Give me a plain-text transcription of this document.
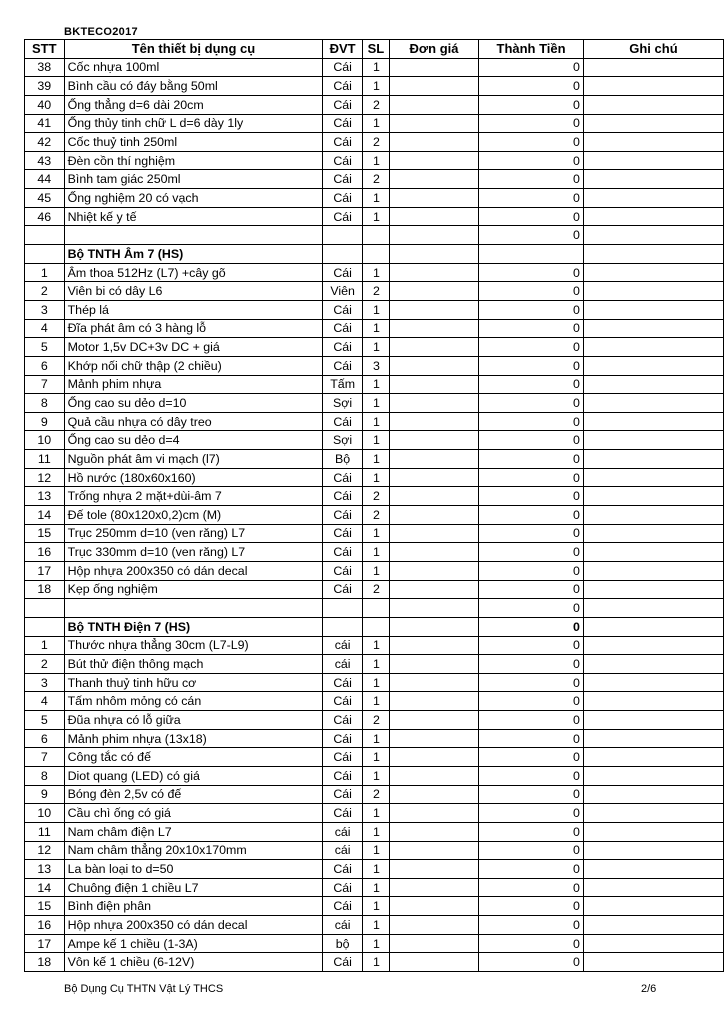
BKTECO2017
STT	Tên thiết bị dụng cụ	ĐVT	SL	Đơn giá	Thành Tiền	Ghi chú
38	Cốc nhựa 100ml	Cái	1		0	
39	Bình cầu có đáy bằng 50ml	Cái	1		0	
40	Ống thẳng d=6 dài 20cm	Cái	2		0	
41	Ống thủy tinh chữ L d=6 dày 1ly	Cái	1		0	
42	Cốc thuỷ tinh 250ml	Cái	2		0	
43	Đèn cồn thí nghiệm	Cái	1		0	
44	Bình tam giác 250ml	Cái	2		0	
45	Ống nghiệm 20 có vạch	Cái	1		0	
46	Nhiệt kế y tế	Cái	1		0	
					0	
	Bộ TNTH Âm 7 (HS)					
1	Âm thoa 512Hz (L7) +cây gõ	Cái	1		0	
2	Viên bi có dây L6	Viên	2		0	
3	Thép lá	Cái	1		0	
4	Đĩa phát âm có 3 hàng lỗ	Cái	1		0	
5	Motor 1,5v DC+3v DC + giá	Cái	1		0	
6	Khớp nối chữ thập (2 chiều)	Cái	3		0	
7	Mảnh phim nhựa	Tấm	1		0	
8	Ống cao su dẻo d=10	Sợi	1		0	
9	Quả cầu nhựa có dây treo	Cái	1		0	
10	Ống cao su dẻo d=4	Sợi	1		0	
11	Nguồn phát âm vi mạch (l7)	Bộ	1		0	
12	Hồ nước (180x60x160)	Cái	1		0	
13	Trống nhựa 2 mặt+dùi-âm 7	Cái	2		0	
14	Đế tole (80x120x0,2)cm (M)	Cái	2		0	
15	Trục 250mm d=10 (ven răng) L7	Cái	1		0	
16	Trục 330mm d=10 (ven răng) L7	Cái	1		0	
17	Hộp nhựa 200x350 có dán decal	Cái	1		0	
18	Kẹp ống nghiệm	Cái	2		0	
					0	
	Bộ TNTH Điện 7 (HS)				0	
1	Thước nhựa thẳng 30cm (L7-L9)	cái	1		0	
2	Bút thử điện thông mạch	cái	1		0	
3	Thanh thuỷ tinh hữu cơ	Cái	1		0	
4	Tấm nhôm mỏng có cán	Cái	1		0	
5	Đũa nhựa có lỗ giữa	Cái	2		0	
6	Mảnh phim nhựa (13x18)	Cái	1		0	
7	Công tắc có đế	Cái	1		0	
8	Diot quang (LED) có giá	Cái	1		0	
9	Bóng đèn 2,5v có đế	Cái	2		0	
10	Cầu chì ống có giá	Cái	1		0	
11	Nam châm điện L7	cái	1		0	
12	Nam châm thẳng 20x10x170mm	cái	1		0	
13	La bàn loại to d=50	Cái	1		0	
14	Chuông điện 1 chiều L7	Cái	1		0	
15	Bình điện phân	Cái	1		0	
16	Hộp nhựa 200x350 có dán decal	cái	1		0	
17	Ampe kế 1 chiều (1-3A)	bộ	1		0	
18	Vôn kế 1 chiều (6-12V)	Cái	1		0	
Bộ Dụng Cụ THTN Vật Lý THCS	2/6
